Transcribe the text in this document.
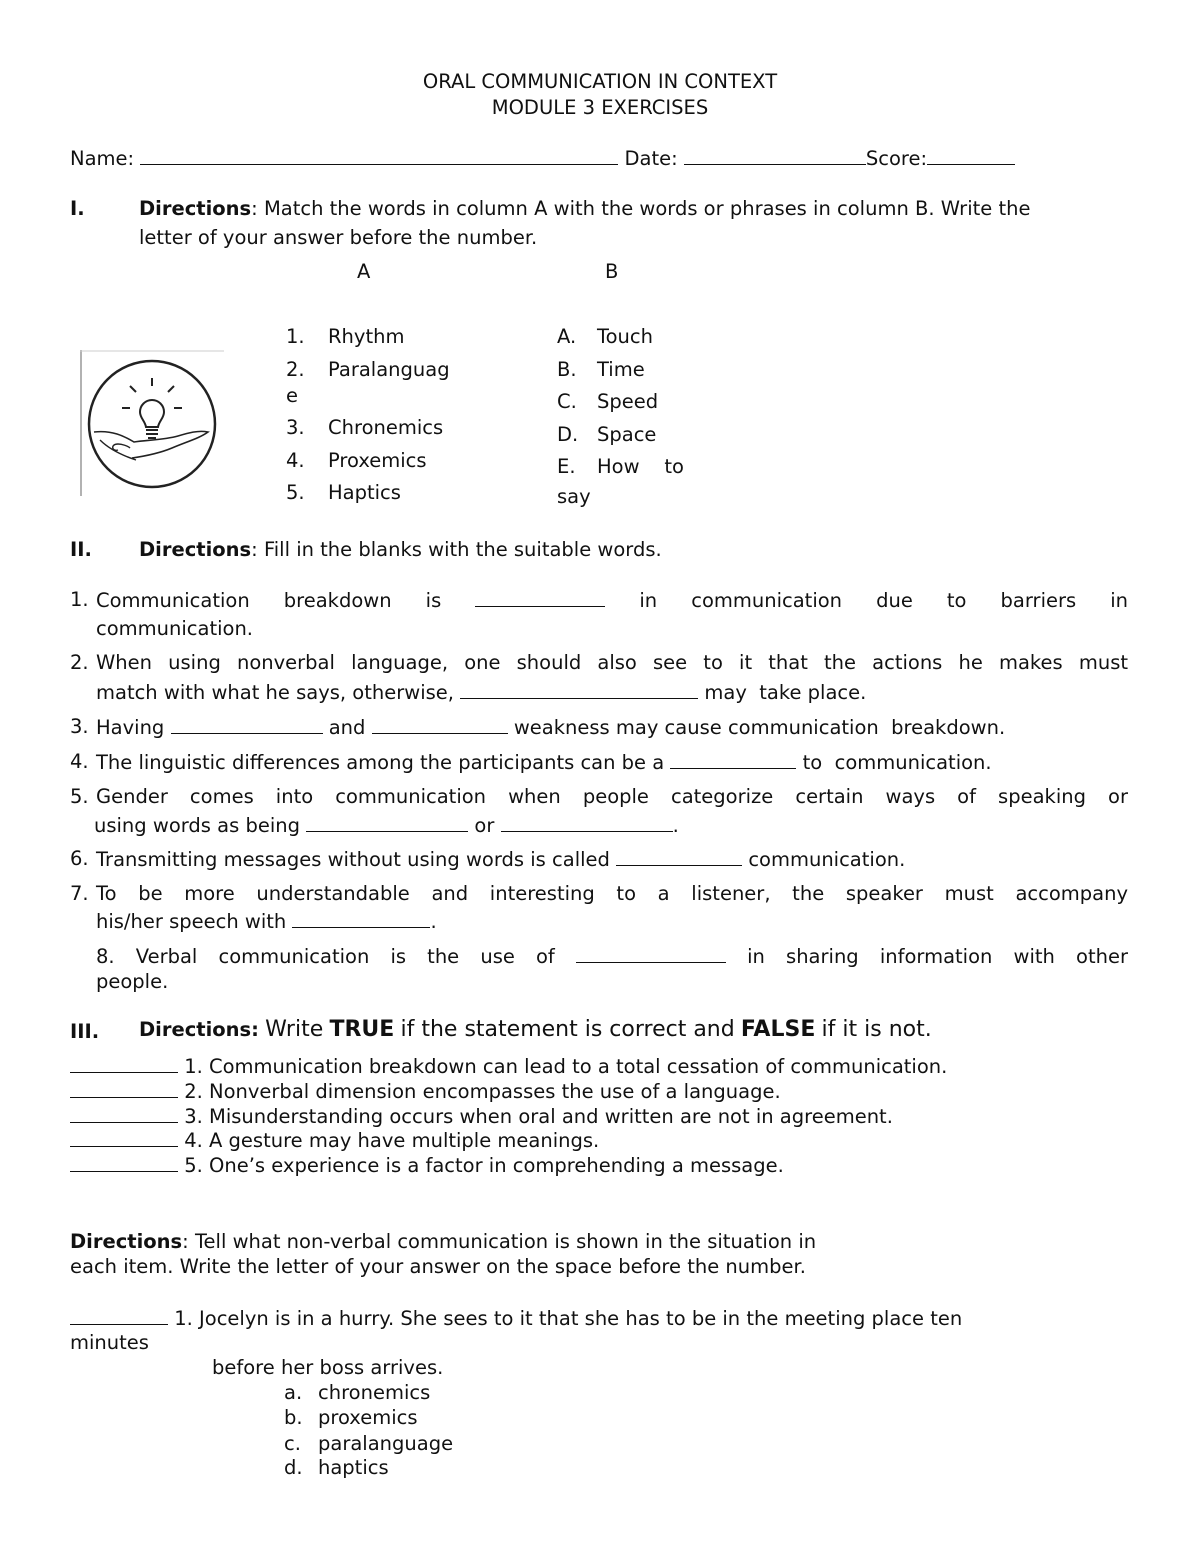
ORAL COMMUNICATION IN CONTEXT
MODULE 3 EXERCISES
Name:	Date:	Score:
I.	Directions: Match the words in column A with the words or phrases in column B. Write the
letter of your answer before the number.
A	B
1. Rhythm
2. Paralanguag
e
3. Chronemics
4. Proxemics
5. Haptics
A. Touch
B. Time
C. Speed
D. Space
E. How    to
say
II. Directions: Fill in the blanks with the suitable words.
1. Communication breakdown is	in communication due to barriers in
communication.
2. When using nonverbal language, one should also see to it that the actions he makes must
match with what he says, otherwise,	may  take place.
3. Having	and	weakness may cause communication  breakdown.
4. The linguistic differences among the participants can be a	to  communication.
5. Gender comes into communication when people categorize certain ways of speaking or
using words as being	or	.
6. Transmitting messages without using words is called	communication.
7. To be more understandable and interesting to a listener, the speaker must accompany
his/her speech with	.
8. Verbal communication is the use of	in sharing information with other
people.
III. Directions: Write TRUE if the statement is correct and FALSE if it is not.
1. Communication breakdown can lead to a total cessation of communication.
2. Nonverbal dimension encompasses the use of a language.
3. Misunderstanding occurs when oral and written are not in agreement.
4. A gesture may have multiple meanings.
5. One’s experience is a factor in comprehending a message.
Directions: Tell what non-verbal communication is shown in the situation in
each item. Write the letter of your answer on the space before the number.
1. Jocelyn is in a hurry. She sees to it that she has to be in the meeting place ten
minutes
before her boss arrives.
a. chronemics
b. proxemics
c. paralanguage
d. haptics
